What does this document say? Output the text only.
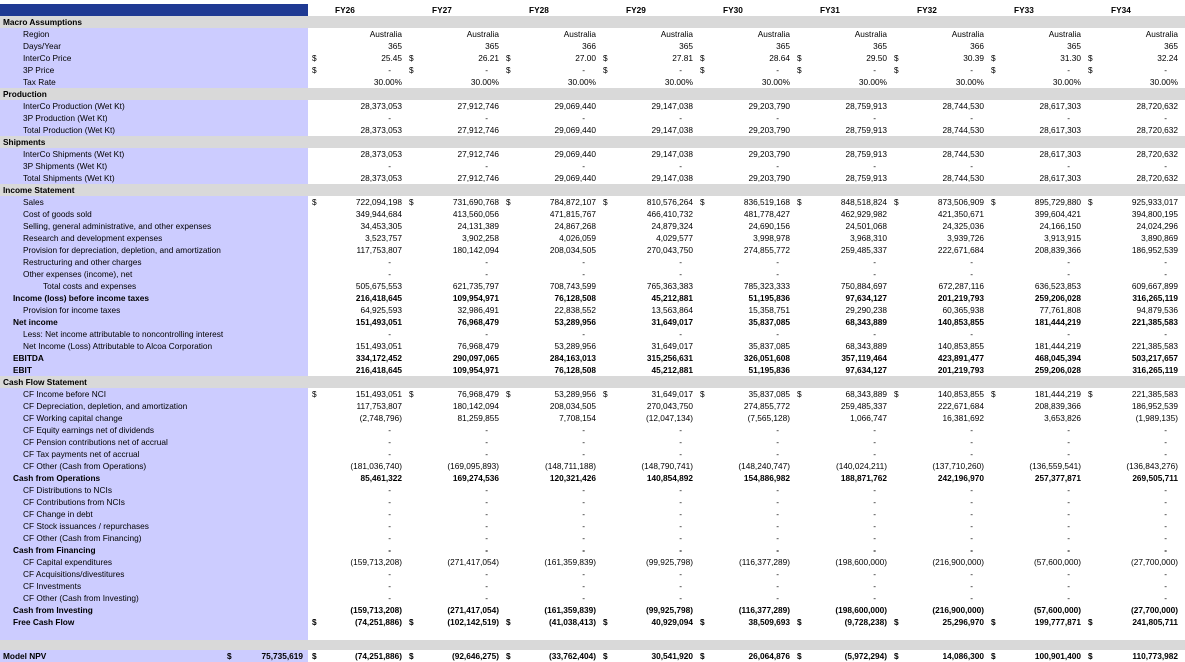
FY26	FY27	FY28	FY29	FY30	FY31	FY32	FY33	FY34
Macro Assumptions
Region	Australia	Australia	Australia	Australia	Australia	Australia	Australia	Australia	Australia
Days/Year	365	365	366	365	365	365	366	365	365
InterCo Price	$	25.45 $	26.21 $	27.00 $	27.81 $	28.64 $	29.50 $	30.39 $	31.30 $	32.24
3P Price	$	- $	- $	- $	- $	- $	- $	- $	- $	-
Tax Rate	30.00%	30.00%	30.00%	30.00%	30.00%	30.00%	30.00%	30.00%	30.00%
Production
InterCo Production (Wet Kt)	28,373,053	27,912,746	29,069,440	29,147,038	29,203,790	28,759,913	28,744,530	28,617,303	28,720,632
3P Production (Wet Kt)	-	-	-	-	-	-	-	-	-
Total Production (Wet Kt)	28,373,053	27,912,746	29,069,440	29,147,038	29,203,790	28,759,913	28,744,530	28,617,303	28,720,632
Shipments
InterCo Shipments (Wet Kt)	28,373,053	27,912,746	29,069,440	29,147,038	29,203,790	28,759,913	28,744,530	28,617,303	28,720,632
3P Shipments (Wet Kt)	-	-	-	-	-	-	-	-	-
Total Shipments (Wet Kt)	28,373,053	27,912,746	29,069,440	29,147,038	29,203,790	28,759,913	28,744,530	28,617,303	28,720,632
Income Statement
Sales	$	722,094,198 $	731,690,768 $	784,872,107 $	810,576,264 $	836,519,168 $	848,518,824 $	873,506,909 $	895,729,880 $	925,933,017
Cost of goods sold	349,944,684	413,560,056	471,815,767	466,410,732	481,778,427	462,929,982	421,350,671	399,604,421	394,800,195
Selling, general administrative, and other expenses	34,453,305	24,131,389	24,867,268	24,879,324	24,690,156	24,501,068	24,325,036	24,166,150	24,024,296
Research and development expenses	3,523,757	3,902,258	4,026,059	4,029,577	3,998,978	3,968,310	3,939,726	3,913,915	3,890,869
Provision for depreciation, depletion, and amortization	117,753,807	180,142,094	208,034,505	270,043,750	274,855,772	259,485,337	222,671,684	208,839,366	186,952,539
Restructuring and other charges	-	-	-	-	-	-	-	-	-
Other expenses (income), net	-	-	-	-	-	-	-	-	-
Total costs and expenses	505,675,553	621,735,797	708,743,599	765,363,383	785,323,333	750,884,697	672,287,116	636,523,853	609,667,899
Income (loss) before income taxes	216,418,645	109,954,971	76,128,508	45,212,881	51,195,836	97,634,127	201,219,793	259,206,028	316,265,119
Provision for income taxes	64,925,593	32,986,491	22,838,552	13,563,864	15,358,751	29,290,238	60,365,938	77,761,808	94,879,536
Net income	151,493,051	76,968,479	53,289,956	31,649,017	35,837,085	68,343,889	140,853,855	181,444,219	221,385,583
Less: Net income attributable to noncontrolling interest	-	-	-	-	-	-	-	-	-
Net Income (Loss) Attributable to Alcoa Corporation	151,493,051	76,968,479	53,289,956	31,649,017	35,837,085	68,343,889	140,853,855	181,444,219	221,385,583
EBITDA	334,172,452	290,097,065	284,163,013	315,256,631	326,051,608	357,119,464	423,891,477	468,045,394	503,217,657
EBIT	216,418,645	109,954,971	76,128,508	45,212,881	51,195,836	97,634,127	201,219,793	259,206,028	316,265,119
Cash Flow Statement
CF Income before NCI	$	151,493,051 $	76,968,479 $	53,289,956 $	31,649,017 $	35,837,085 $	68,343,889 $	140,853,855 $	181,444,219 $	221,385,583
CF Depreciation, depletion, and amortization	117,753,807	180,142,094	208,034,505	270,043,750	274,855,772	259,485,337	222,671,684	208,839,366	186,952,539
CF Working capital change	(2,748,796)	81,259,855	7,708,154	(12,047,134)	(7,565,128)	1,066,747	16,381,692	3,653,826	(1,989,135)
CF Equity earnings net of dividends	-	-	-	-	-	-	-	-	-
CF Pension contributions net of accrual	-	-	-	-	-	-	-	-	-
CF Tax payments net of accrual	-	-	-	-	-	-	-	-	-
CF Other (Cash from Operations)	(181,036,740)	(169,095,893)	(148,711,188)	(148,790,741)	(148,240,747)	(140,024,211)	(137,710,260)	(136,559,541)	(136,843,276)
Cash from Operations	85,461,322	169,274,536	120,321,426	140,854,892	154,886,982	188,871,762	242,196,970	257,377,871	269,505,711
CF Distributions to NCIs	-	-	-	-	-	-	-	-	-
CF Contributions from NCIs	-	-	-	-	-	-	-	-	-
CF Change in debt	-	-	-	-	-	-	-	-	-
CF Stock issuances / repurchases	-	-	-	-	-	-	-	-	-
CF Other (Cash from Financing)	-	-	-	-	-	-	-	-	-
Cash from Financing	-	-	-	-	-	-	-	-	-
CF Capital expenditures	(159,713,208)	(271,417,054)	(161,359,839)	(99,925,798)	(116,377,289)	(198,600,000)	(216,900,000)	(57,600,000)	(27,700,000)
CF Acquisitions/divestitures	-	-	-	-	-	-	-	-	-
CF Investments	-	-	-	-	-	-	-	-	-
CF Other (Cash from Investing)	-	-	-	-	-	-	-	-	-
Cash from Investing	(159,713,208)	(271,417,054)	(161,359,839)	(99,925,798)	(116,377,289)	(198,600,000)	(216,900,000)	(57,600,000)	(27,700,000)
Free Cash Flow	$	(74,251,886) $	(102,142,519) $	(41,038,413) $	40,929,094 $	38,509,693 $	(9,728,238) $	25,296,970 $	199,777,871 $	241,805,711
Model NPV	$	75,735,619 $	(74,251,886) $	(92,646,275) $	(33,762,404) $	30,541,920 $	26,064,876 $	(5,972,294) $	14,086,300 $	100,901,400 $	110,773,982
